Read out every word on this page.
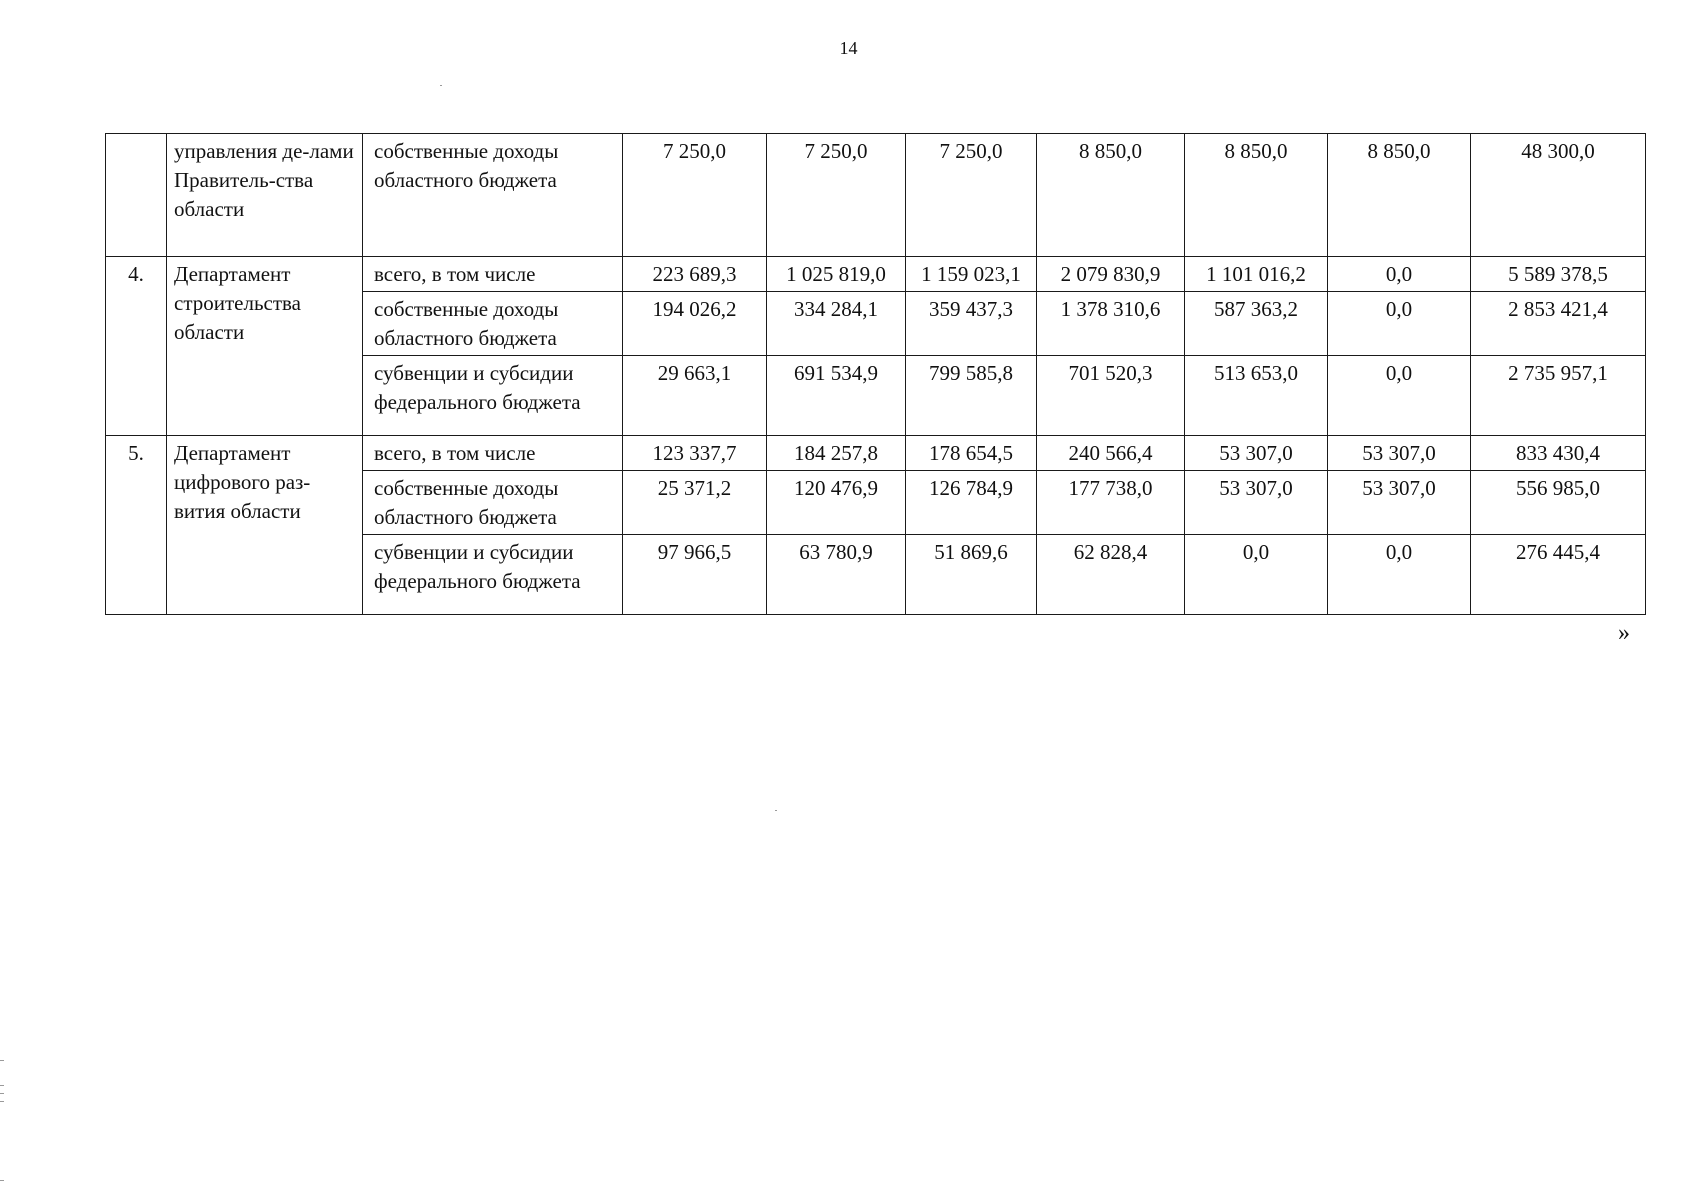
14
	управления де-лами Правитель-ства области	собственные доходы областного бюджета	7 250,0	7 250,0	7 250,0	8 850,0	8 850,0	8 850,0	48 300,0
4.	Департамент строительства области	всего, в том числе	223 689,3	1 025 819,0	1 159 023,1	2 079 830,9	1 101 016,2	0,0	5 589 378,5
		собственные доходы областного бюджета	194 026,2	334 284,1	359 437,3	1 378 310,6	587 363,2	0,0	2 853 421,4
		субвенции и субсидии федерального бюджета	29 663,1	691 534,9	799 585,8	701 520,3	513 653,0	0,0	2 735 957,1
5.	Департамент цифрового раз-вития области	всего, в том числе	123 337,7	184 257,8	178 654,5	240 566,4	53 307,0	53 307,0	833 430,4
		собственные доходы областного бюджета	25 371,2	120 476,9	126 784,9	177 738,0	53 307,0	53 307,0	556 985,0
		субвенции и субсидии федерального бюджета	97 966,5	63 780,9	51 869,6	62 828,4	0,0	0,0	276 445,4
»
